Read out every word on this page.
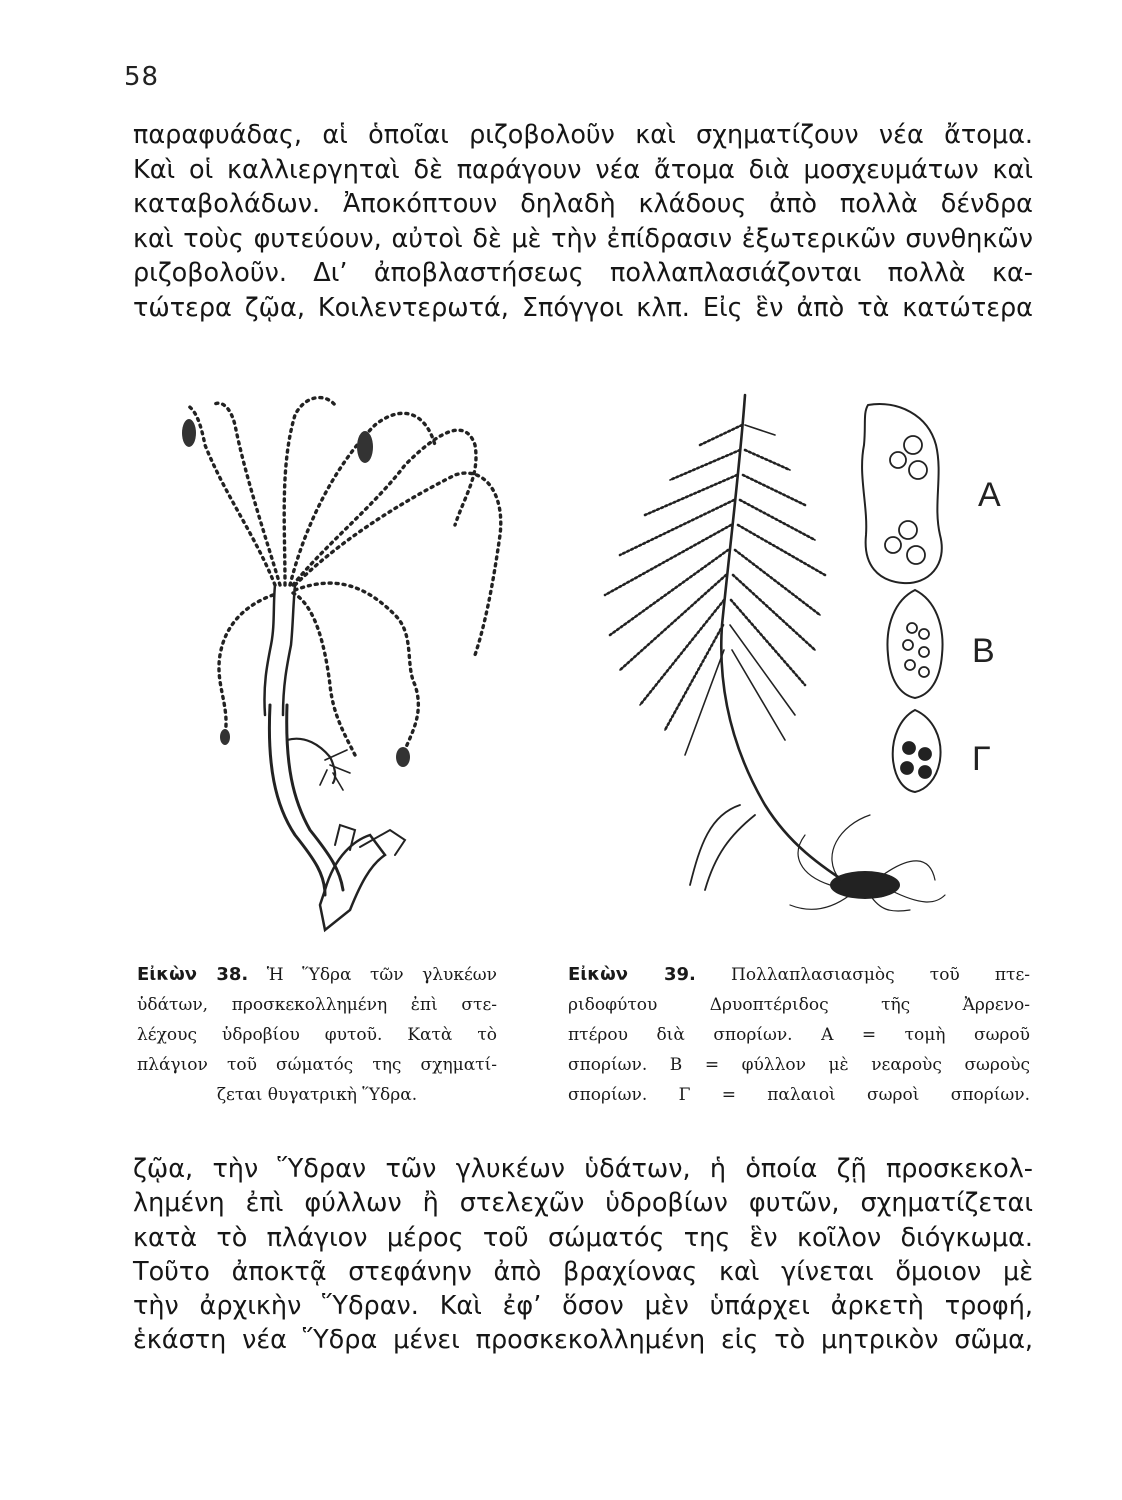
58
παραφυάδας, αἱ ὁποῖαι ριζοβολοῦν καὶ σχηματίζουν νέα ἄτομα.
Καὶ οἱ καλλιεργηταὶ δὲ παράγουν νέα ἄτομα διὰ μοσχευμάτων καὶ
καταβολάδων. Ἀποκόπτουν δηλαδὴ κλάδους ἀπὸ πολλὰ δένδρα
καὶ τοὺς φυτεύουν, αὐτοὶ δὲ μὲ τὴν ἐπίδρασιν ἐξωτερικῶν συνθηκῶν
ριζοβολοῦν. Δι’ ἀποβλαστήσεως πολλαπλασιάζονται πολλὰ κα-
τώτερα ζῷα, Κοιλεντερωτά, Σπόγγοι κλπ. Εἰς ἓν ἀπὸ τὰ κατώτερα
Α
Β
Γ
Εἰκὼν 38. Ἡ Ὕδρα τῶν γλυκέων
ὑδάτων, προσκεκολλημένη ἐπὶ στε-
λέχους ὑδροβίου φυτοῦ. Κατὰ τὸ
πλάγιον τοῦ σώματός της σχηματί-
ζεται θυγατρικὴ Ὕδρα.
Εἰκὼν 39. Πολλαπλασιασμὸς τοῦ πτε-
ριδοφύτου Δρυοπτέριδος τῆς Ἀρρενο-
πτέρου διὰ σπορίων. Α = τομὴ σωροῦ
σπορίων. Β = φύλλον μὲ νεαροὺς σωροὺς
σπορίων. Γ = παλαιοὶ σωροὶ σπορίων.
ζῷα, τὴν Ὕδραν τῶν γλυκέων ὑδάτων, ἡ ὁποία ζῇ προσκεκολ-
λημένη ἐπὶ φύλλων ἢ στελεχῶν ὑδροβίων φυτῶν, σχηματίζεται
κατὰ τὸ πλάγιον μέρος τοῦ σώματός της ἓν κοῖλον διόγκωμα.
Τοῦτο ἀποκτᾷ στεφάνην ἀπὸ βραχίονας καὶ γίνεται ὅμοιον μὲ
τὴν ἀρχικὴν Ὕδραν. Καὶ ἐφ’ ὅσον μὲν ὑπάρχει ἀρκετὴ τροφή,
ἑκάστη νέα Ὕδρα μένει προσκεκολλημένη εἰς τὸ μητρικὸν σῶμα,
